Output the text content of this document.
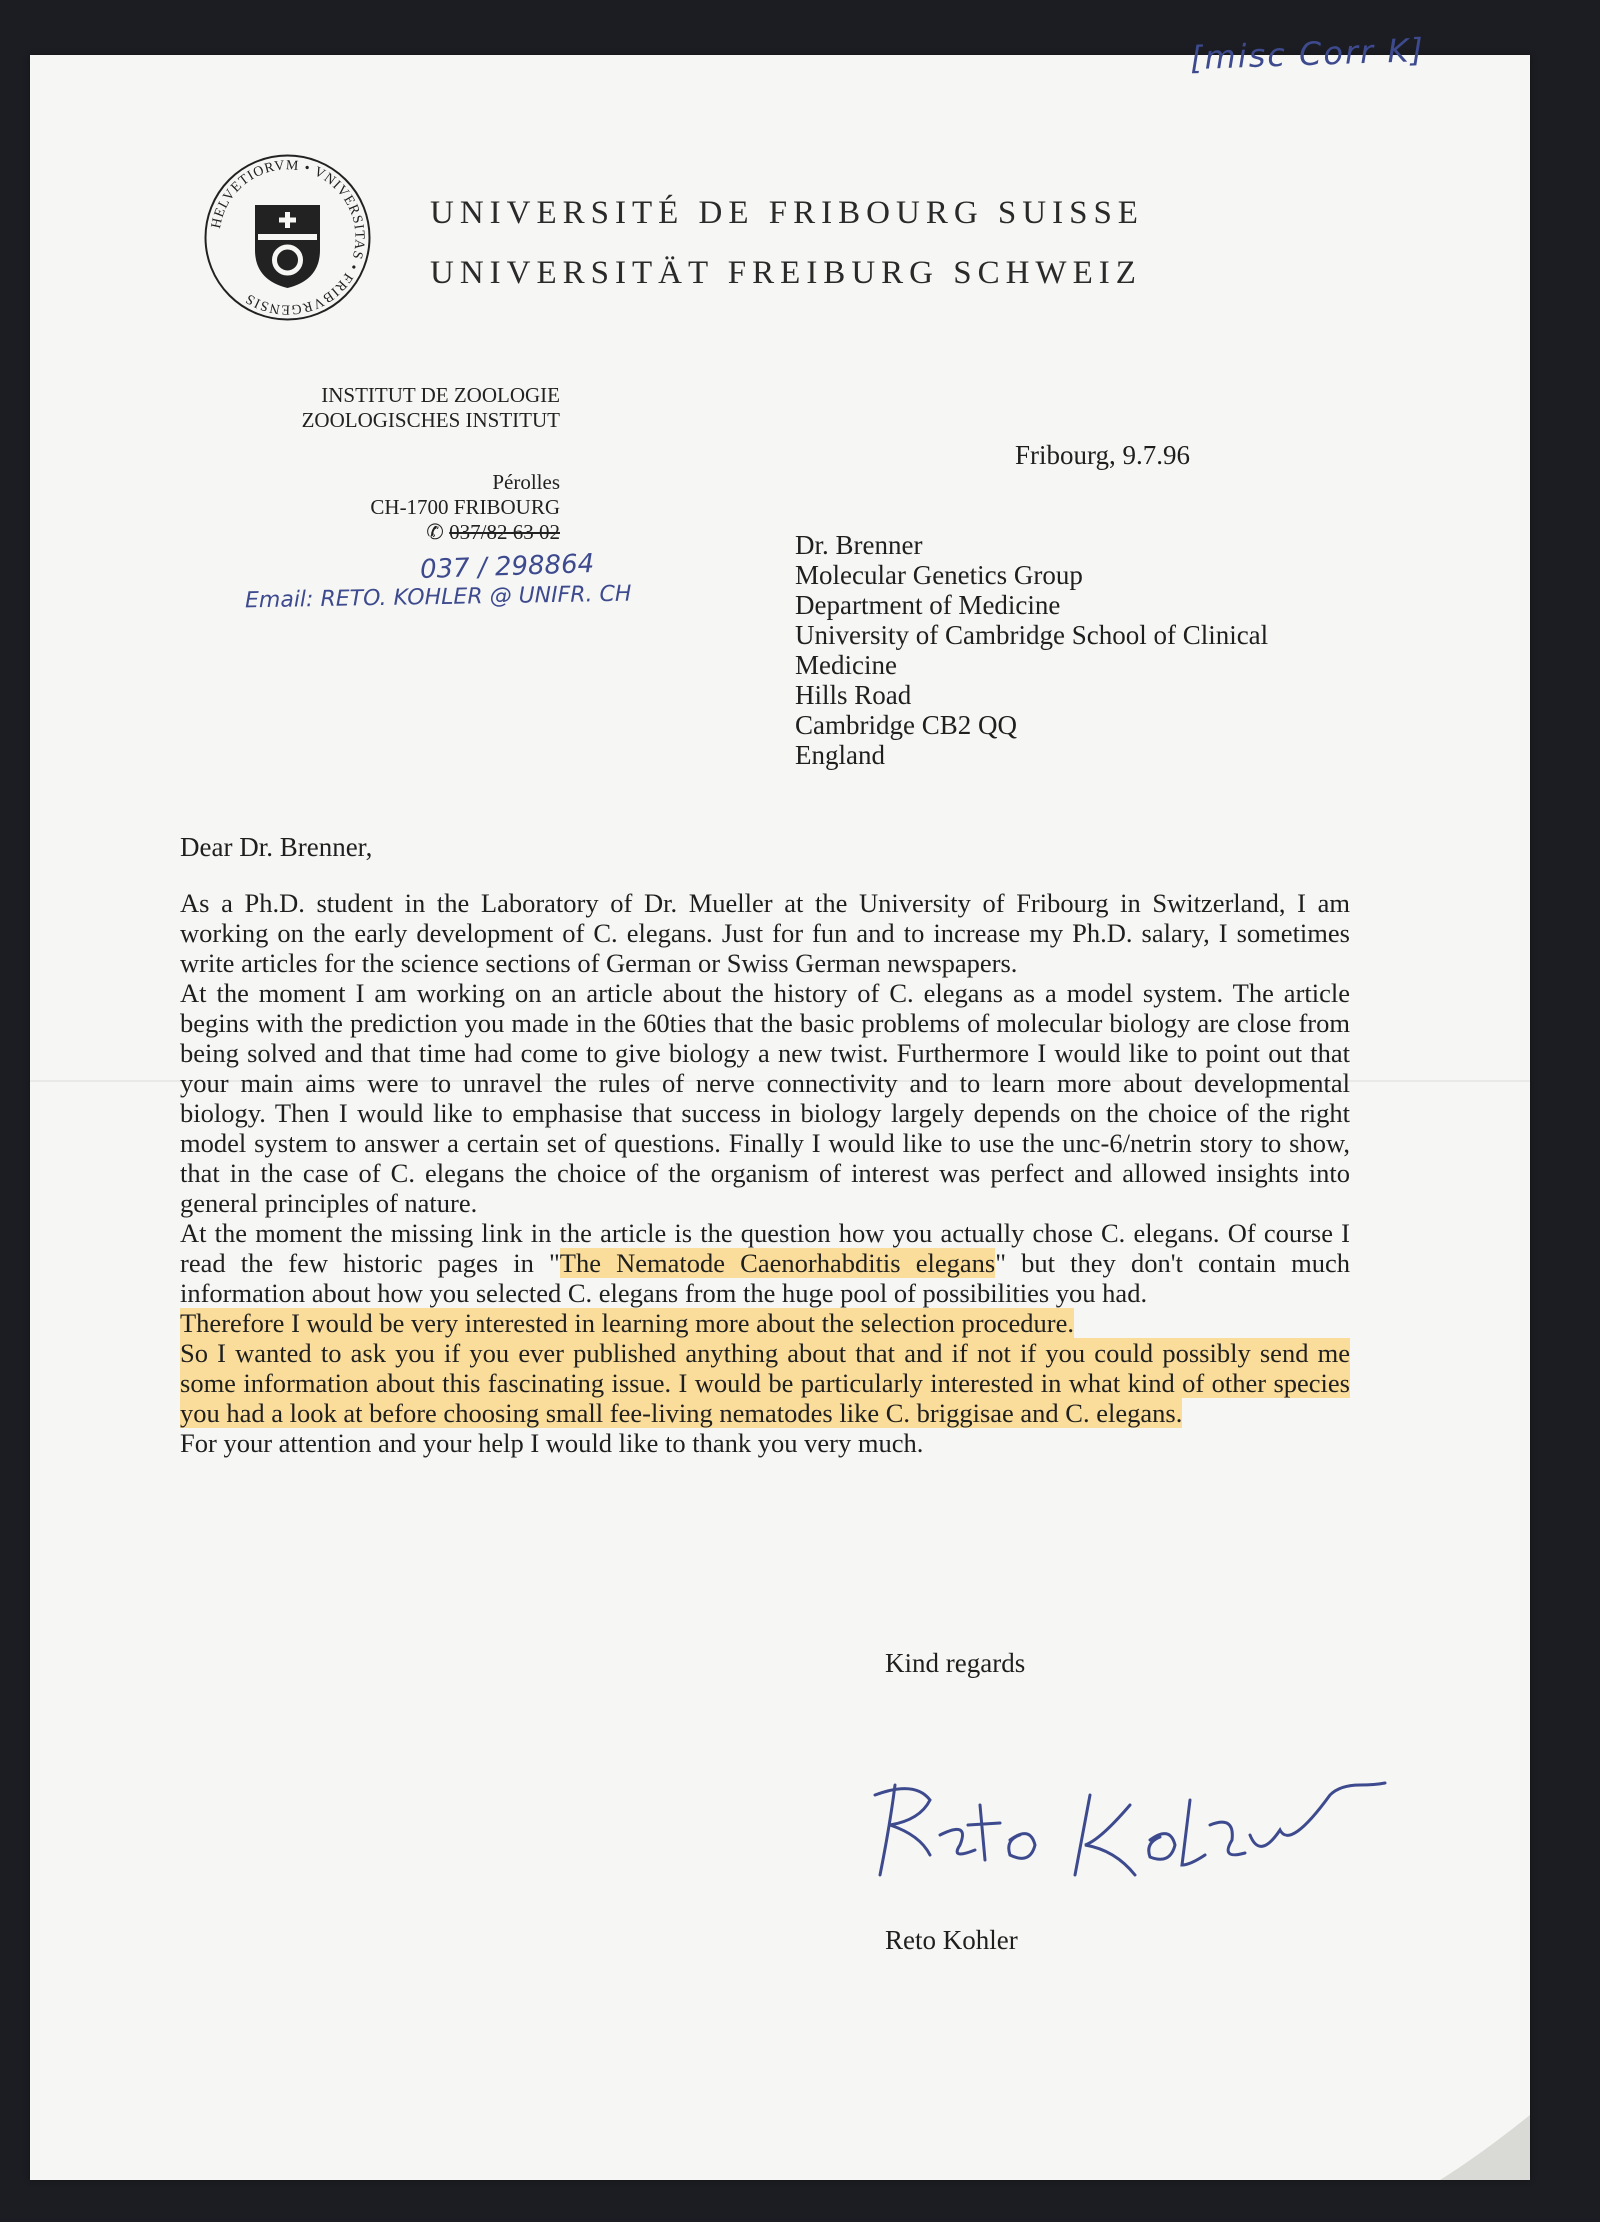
[misc Corr K]
HELVETIORVM • VNIVERSITAS • FRIBVRGENSIS
UNIVERSITÉ DE FRIBOURG SUISSE
UNIVERSITÄT FREIBURG SCHWEIZ
INSTITUT DE ZOOLOGIE
ZOOLOGISCHES INSTITUT
Pérolles
CH-1700 FRIBOURG
✆ 037/82 63 02
037 / 298864
Email: RETO. KOHLER @ UNIFR. CH
Fribourg, 9.7.96
Dr. Brenner
Molecular Genetics Group
Department of Medicine
University of Cambridge School of Clinical
Medicine
Hills Road
Cambridge CB2 QQ
England
Dear Dr. Brenner,

As a Ph.D. student in the Laboratory of Dr. Mueller at the University of Fribourg in Switzerland, I am working on the early development of C. elegans. Just for fun and to increase my Ph.D. salary, I sometimes write articles for the science sections of German or Swiss German newspapers.

At the moment I am working on an article about the history of C. elegans as a model system. The article begins with the prediction you made in the 60ties that the basic problems of molecular biology are close from being solved and that time had come to give biology a new twist. Furthermore I would like to point out that your main aims were to unravel the rules of nerve connectivity and to learn more about developmental biology. Then I would like to emphasise that success in biology largely depends on the choice of the right model system to answer a certain set of questions. Finally I would like to use the unc-6/netrin story to show, that in the case of C. elegans the choice of the organism of interest was perfect and allowed insights into general principles of nature.

At the moment the missing link in the article is the question how you actually chose C. elegans. Of course I read the few historic pages in "The Nematode Caenorhabditis elegans" but they don't contain much information about how you selected C. elegans from the huge pool of possibilities you had.

Therefore I would be very interested in learning more about the selection procedure.

So I wanted to ask you if you ever published anything about that and if not if you could possibly send me some information about this fascinating issue. I would be particularly interested in what kind of other species you had a look at before choosing small fee-living nematodes like C. briggisae and C. elegans.

For your attention and your help I would like to thank you very much.

Kind regards
Reto Kohler
